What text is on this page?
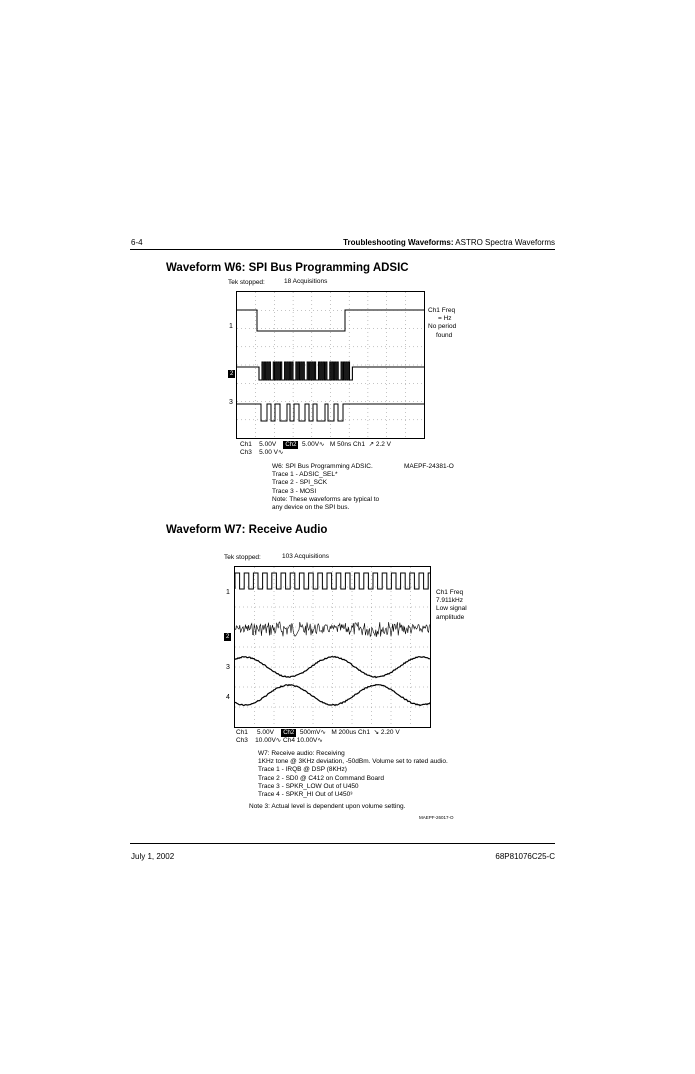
6-4	Troubleshooting Waveforms: ASTRO Spectra Waveforms
Waveform W6: SPI Bus Programming ADSIC
Tek stopped:	18 Acquisitions
1
2
3
Ch1 Freq
= Hz
No period
found
Ch1 5.00V Ch2 5.00V∿ M 50ns Ch1 ↗ 2.2 V
Ch3 5.00 V∿
W6: SPI Bus Programming ADSIC.
Trace 1 - ADSIC_SEL*
Trace 2 - SPI_SCK
Trace 3 - MOSI
Note: These waveforms are typical to
any device on the SPI bus.
MAEPF-24381-O
Waveform W7: Receive Audio
Tek stopped:	103 Acquisitions
1
2
3
4
Ch1 Freq
7.911kHz
Low signal
amplitude
Ch1 5.00V Ch2 500mV∿ M 200us Ch1 ↘ 2.20 V
Ch3 10.00V∿ Ch4 10.00V∿
W7: Receive audio: Receiving
1KHz tone @ 3KHz deviation, -50dBm. Volume set to rated audio.
Trace 1 - IRQB @ DSP (8KHz)
Trace 2 - SD0 @ C412 on Command Board
Trace 3 - SPKR_LOW Out of U450
Trace 4 - SPKR_HI Out of U450³
Note 3: Actual level is dependent upon volume setting.
MAEPF-26017-O
July 1, 2002	68P81076C25-C
